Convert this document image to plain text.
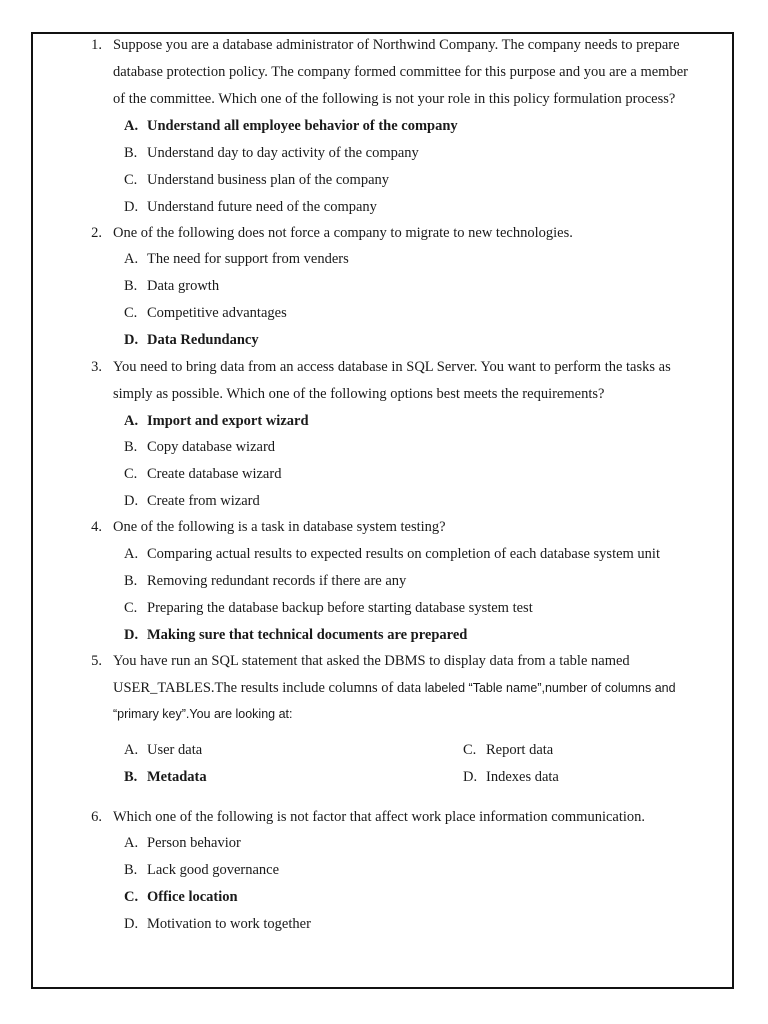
1. Suppose you are a database administrator of Northwind Company. The company needs to prepare
database protection policy. The company formed committee for this purpose and you are a member
of the committee. Which one of the following is not your role in this policy formulation process?
A. Understand all employee behavior of the company
B. Understand day to day activity of the company
C. Understand business plan of the company
D. Understand future need of the company
2. One of the following does not force a company to migrate to new technologies.
A. The need for support from venders
B. Data growth
C. Competitive advantages
D. Data Redundancy
3. You need to bring data from an access database in SQL Server. You want to perform the tasks as
simply as possible. Which one of the following options best meets the requirements?
A. Import and export wizard
B. Copy database wizard
C. Create database wizard
D. Create from wizard
4. One of the following is a task in database system testing?
A. Comparing actual results to expected results on completion of each database system unit
B. Removing redundant records if there are any
C. Preparing the database backup before starting database system test
D. Making sure that technical documents are prepared
5. You have run an SQL statement that asked the DBMS to display data from a table named
USER_TABLES.The results include columns of data labeled “Table name”,number of columns and
“primary key”.You are looking at:
A. User data
B. Metadata
C. Report data
D. Indexes data
6. Which one of the following is not factor that affect work place information communication.
A. Person behavior
B. Lack good governance
C. Office location
D. Motivation to work together
